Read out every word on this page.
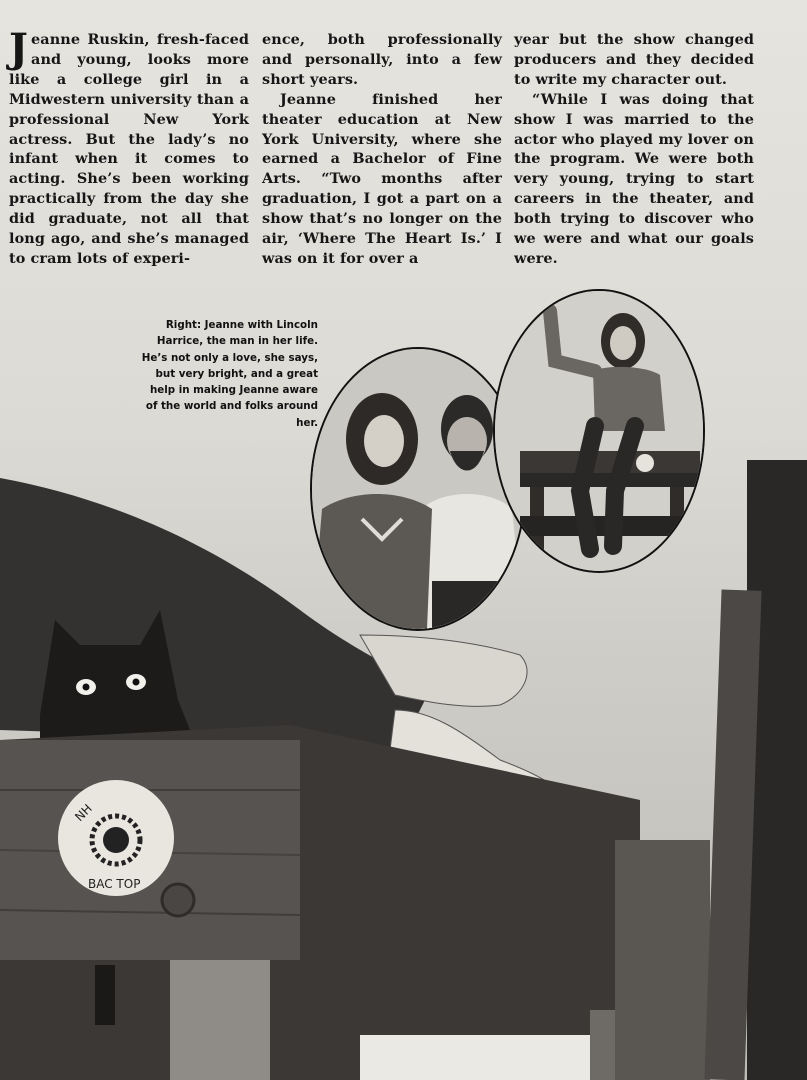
Jeanne Ruskin, fresh-faced and young, looks more like a college girl in a Midwestern university than a professional New York actress. But the lady’s no infant when it comes to acting. She’s been working practically from the day she did graduate, not all that long ago, and she’s managed to cram lots of experi-

ence, both professionally and personally, into a few short years.

Jeanne finished her theater education at New York University, where she earned a Bachelor of Fine Arts. “Two months after graduation, I got a part on a show that’s no longer on the air, ‘Where The Heart Is.’ I was on it for over a

year but the show changed producers and they decided to write my character out.

“While I was doing that show I was married to the actor who played my lover on the program. We were both very young, trying to start careers in the theater, and both trying to discover who we were and what our goals were.

Right: Jeanne with Lincoln Harrice, the man in her life. He’s not only a love, she says, but very bright, and a great help in making Jeanne aware of the world and folks around her.
NH
BAC TOP
